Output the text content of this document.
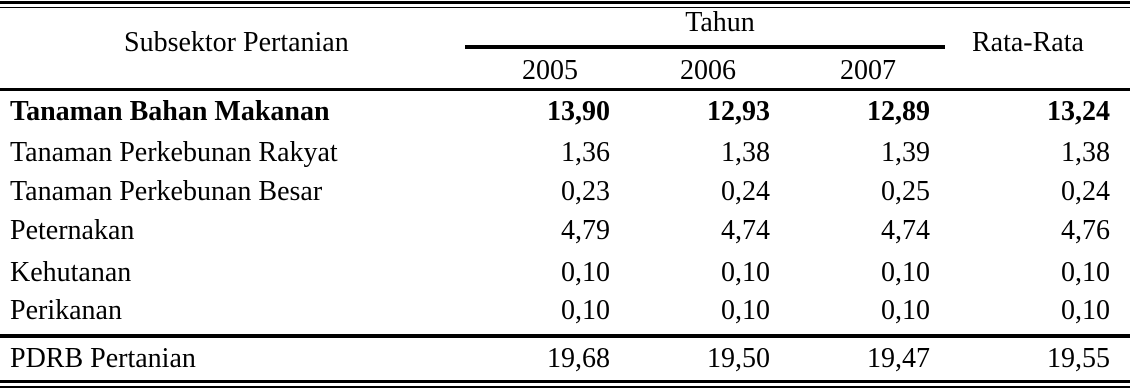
Subsektor Pertanian
Tahun
2005	2006	2007
Rata-Rata
Tanaman Bahan Makanan	13,90	12,93	12,89	13,24
Tanaman Perkebunan Rakyat	1,36	1,38	1,39	1,38
Tanaman Perkebunan Besar	0,23	0,24	0,25	0,24
Peternakan	4,79	4,74	4,74	4,76
Kehutanan	0,10	0,10	0,10	0,10
Perikanan	0,10	0,10	0,10	0,10
PDRB Pertanian	19,68	19,50	19,47	19,55
